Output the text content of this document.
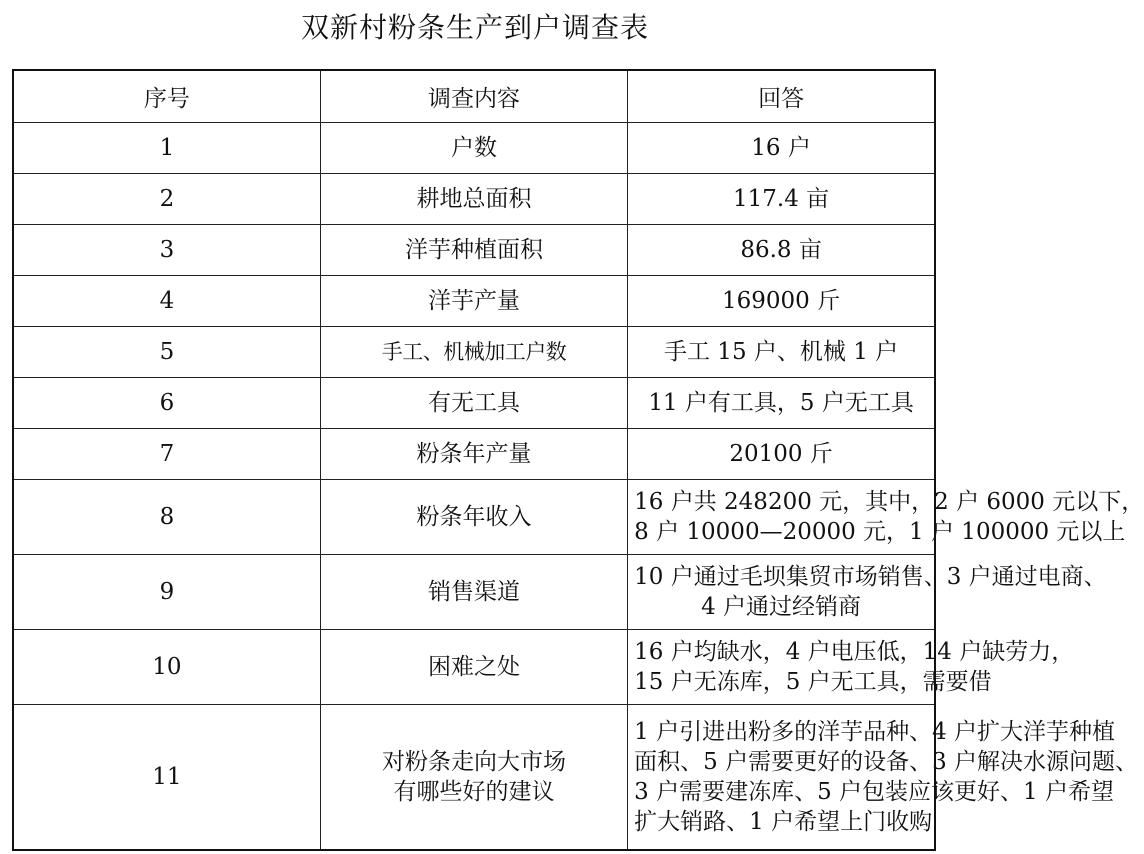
双新村粉条生产到户调查表
序号	调查内容	回答
1	户数	16 户

2	耕地总面积	117.4 亩

3	洋芋种植面积	86.8 亩

4	洋芋产量	169000 斤

5	手工、机械加工户数	手工 15 户、机械 1 户

6	有无工具	11 户有工具，5 户无工具

7	粉条年产量	20100 斤

8	粉条年收入	16 户共 248200 元，其中，2 户 6000 元以下，
8 户 10000—20000 元，1 户 100000 元以上

9	销售渠道	10 户通过毛坝集贸市场销售、3 户通过电商、
4 户通过经销商

10	困难之处	16 户均缺水，4 户电压低，14 户缺劳力，
15 户无冻库，5 户无工具，需要借

11	对粉条走向大市场
有哪些好的建议	1 户引进出粉多的洋芋品种、4 户扩大洋芋种植
面积、5 户需要更好的设备、3 户解决水源问题、
3 户需要建冻库、5 户包装应该更好、1 户希望
扩大销路、1 户希望上门收购
